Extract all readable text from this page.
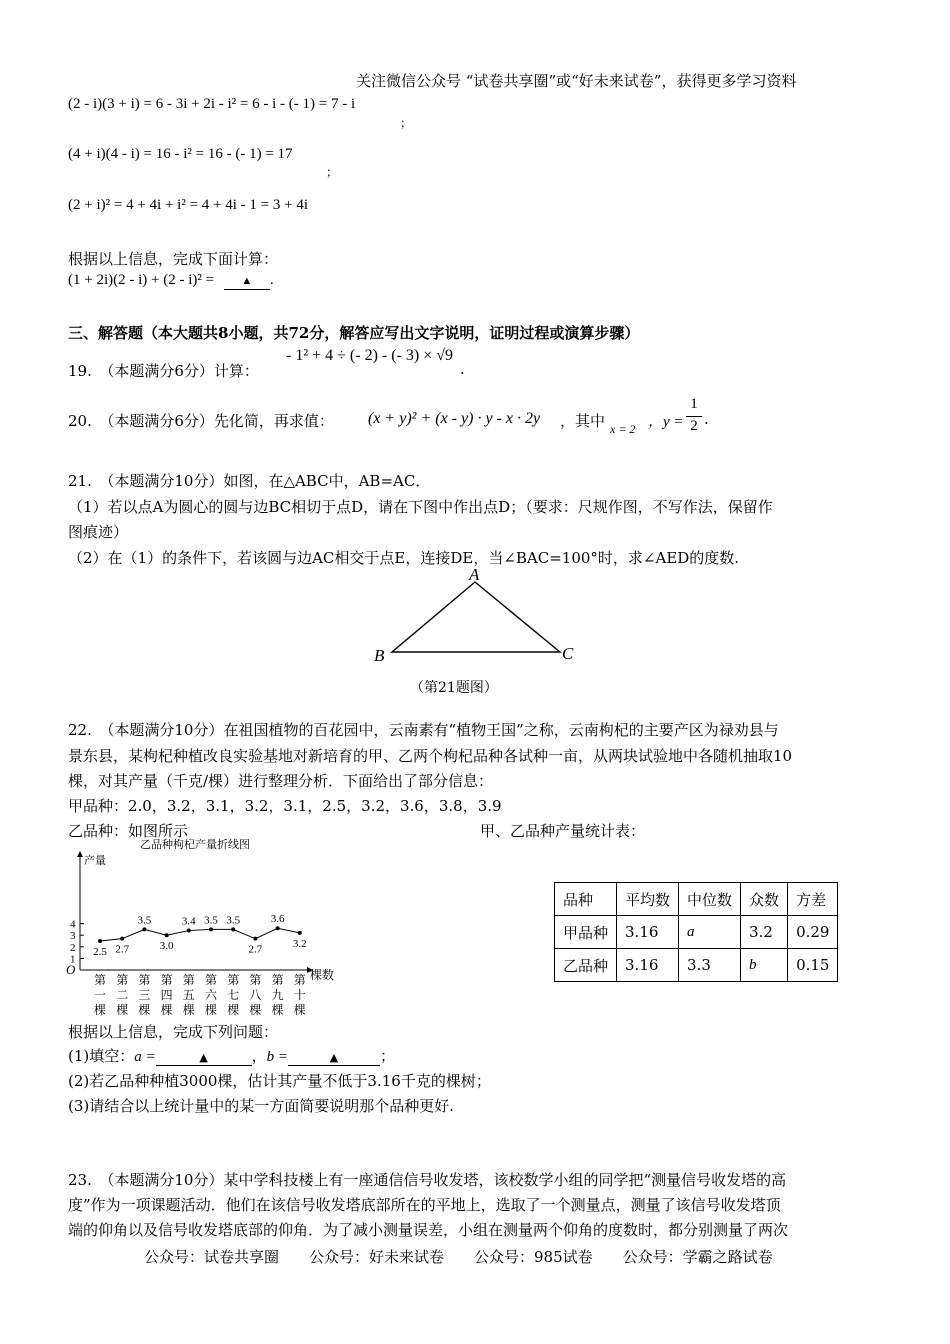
关注微信公众号 “试卷共享圈”或“好未来试卷”，获得更多学习资料
(2 - i)(3 + i) = 6 - 3i + 2i - i² = 6 - i - (- 1) = 7 - i
；
(4 + i)(4 - i) = 16 - i² = 16 - (- 1) = 17
；
(2 + i)² = 4 + 4i + i² = 4 + 4i - 1 = 3 + 4i
根据以上信息，完成下面计算：
(1 + 2i)(2 - i) + (2 - i)² = ▲ .
三、解答题（本大题共8小题，共72分，解答应写出文字说明，证明过程或演算步骤）
19.　（本题满分6分）计算：
- 1² + 4 ÷ (- 2) - (- 3) × √9
.
20.　（本题满分6分）先化简，再求值： (x + y)² + (x - y) · y - x · 2y ，其中 x = 2 ，y =
1
2 .
21.　（本题满分10分）如图，在△ABC中，AB=AC．
（1）若以点A为圆心的圆与边BC相切于点D，请在下图中作出点D；（要求：尺规作图，不写作法，保留作
图痕迹）
（2）在（1）的条件下，若该圆与边AC相交于点E，连接DE，当∠BAC=100°时，求∠AED的度数.
A
B	C
（第21题图）
22.　（本题满分10分）在祖国植物的百花园中，云南素有“植物王国”之称，云南枸杞的主要产区为禄劝县与
景东县，某枸杞种植改良实验基地对新培育的甲、乙两个枸杞品种各试种一亩，从两块试验地中各随机抽取10
棵，对其产量（千克/棵）进行整理分析．下面给出了部分信息：
甲品种：2.0，3.2，3.1，3.2，3.1，2.5，3.2，3.6，3.8，3.9
乙品种：如图所示	甲、乙品种产量统计表：
乙品种枸杞产量折线图
产量
棵数
O
1
2
3
4
2.5 2.7
3.5
3.0
3.4 3.5 3.5
2.7
3.6
3.2
第
一
棵
第
二
棵
第
三
棵
第
四
棵
第
五
棵
第
六
棵
第
七
棵
第
八
棵
第
九
棵
第
十
棵
品种	平均数	中位数	众数	方差
甲品种	3.16	a	3.2	0.29
乙品种	3.16	3.3	b	0.15
根据以上信息，完成下列问题：
(1)填空：a =	▲	，b =	▲	；
(2)若乙品种种植3000棵，估计其产量不低于3.16千克的棵树；
(3)请结合以上统计量中的某一方面简要说明那个品种更好.
23.　（本题满分10分）某中学科技楼上有一座通信信号收发塔，该校数学小组的同学把“测量信号收发塔的高
度”作为一项课题活动．他们在该信号收发塔底部所在的平地上，选取了一个测量点，测量了该信号收发塔顶
端的仰角以及信号收发塔底部的仰角．为了减小测量误差，小组在测量两个仰角的度数时，都分别测量了两次
公众号：试卷共享圈　　公众号：好未来试卷　　公众号：985试卷　　公众号：学霸之路试卷
